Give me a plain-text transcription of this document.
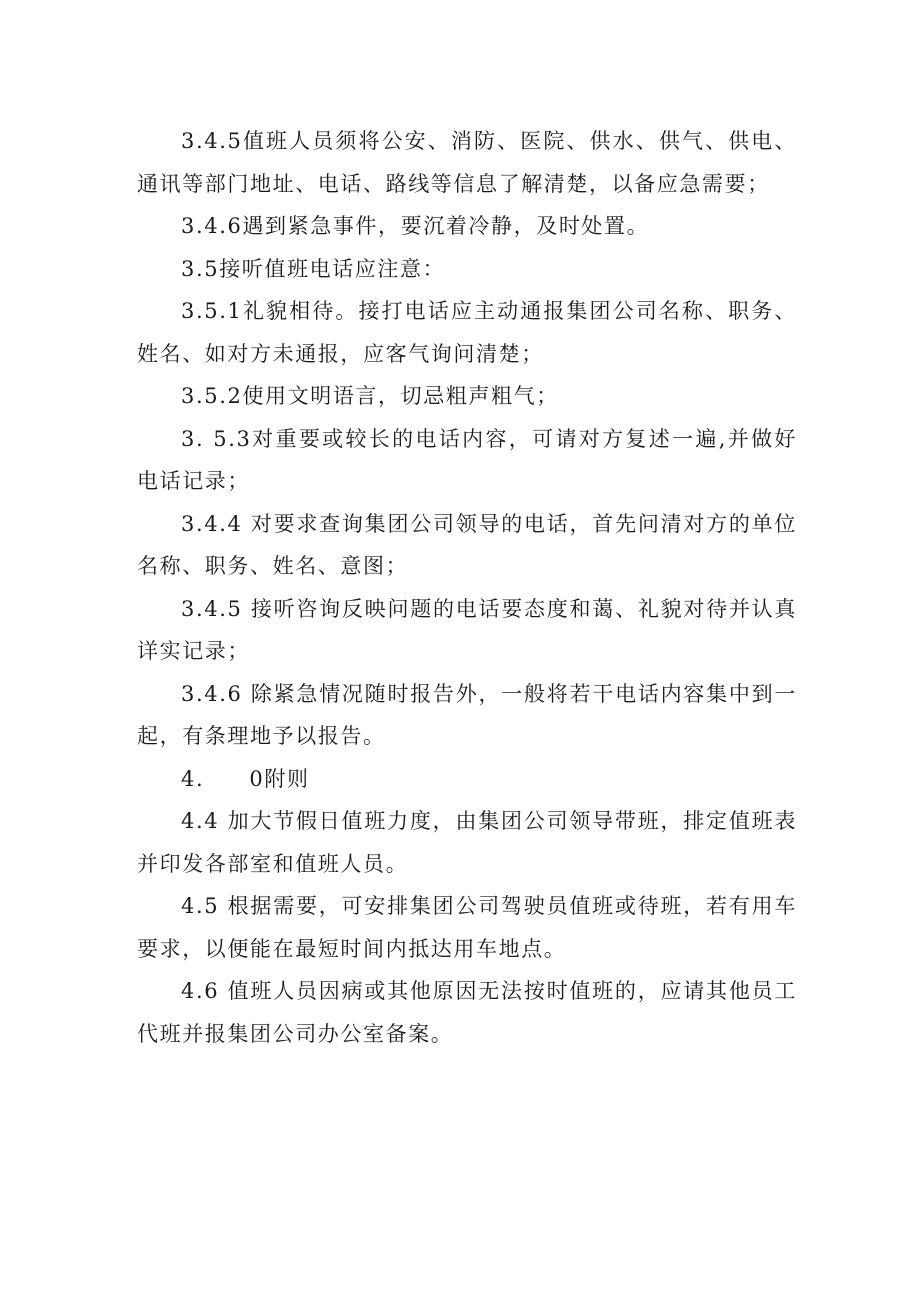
3.4.5值班人员须将公安、消防、医院、供水、供气、供电、通讯等部门地址、电话、路线等信息了解清楚，以备应急需要；

3.4.6遇到紧急事件，要沉着冷静，及时处置。

3.5接听值班电话应注意：

3.5.1礼貌相待。接打电话应主动通报集团公司名称、职务、姓名、如对方未通报，应客气询问清楚；

3.5.2使用文明语言，切忌粗声粗气；

3. 5.3对重要或较长的电话内容，可请对方复述一遍,并做好电话记录；

3.4.4 对要求查询集团公司领导的电话，首先问清对方的单位名称、职务、姓名、意图；

3.4.5 接听咨询反映问题的电话要态度和蔼、礼貌对待并认真详实记录；

3.4.6 除紧急情况随时报告外，一般将若干电话内容集中到一起，有条理地予以报告。

4.　　0附则

4.4 加大节假日值班力度，由集团公司领导带班，排定值班表并印发各部室和值班人员。

4.5 根据需要，可安排集团公司驾驶员值班或待班，若有用车要求，以便能在最短时间内抵达用车地点。

4.6 值班人员因病或其他原因无法按时值班的，应请其他员工代班并报集团公司办公室备案。
